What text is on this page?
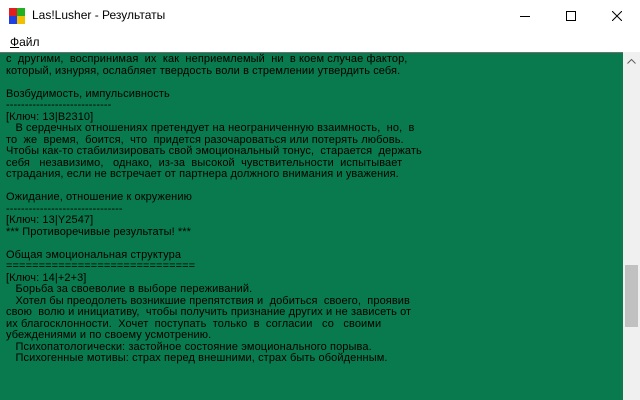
Las!Lusher - Результаты
Файл
с  другими,  воспринимая  их  как  неприемлемый  ни  в коем случае фактор,
который, изнуряя, ослабляет твердость воли в стремлении утвердить себя.
Возбудимость, импульсивность
----------------------------
[Ключ: 13|B2310]
В сердечных отношениях претендует на неограниченную взаимность,  но,  в
то  же  время,  боится,  что  придется разочароваться или потерять любовь.
Чтобы как-то стабилизировать свой эмоциональный тонус,  старается  держать
себя   незавизимо,   однако,  из-за  высокой  чувствительности  испытывает
страдания, если не встречает от партнера должного внимания и уважения.
Ожидание, отношение к окружению
-------------------------------
[Ключ: 13|Y2547]
*** Противоречивые результаты! ***
Общая эмоциональная структура
=============================
[Ключ: 14|+2+3]
Борьба за своеволие в выборе переживаний.
Хотел бы преодолеть возникшие препятствия и  добиться  своего,  проявив
свою  волю и инициативу,  чтобы получить признание других и не зависеть от
их благосклонности.  Хочет  поступать  только  в  согласии   со   своими
убеждениями и по своему усмотрению.
Психопатологически: застойное состояние эмоционального порыва.
Психогенные мотивы: страх перед внешними, страх быть обойденным.
